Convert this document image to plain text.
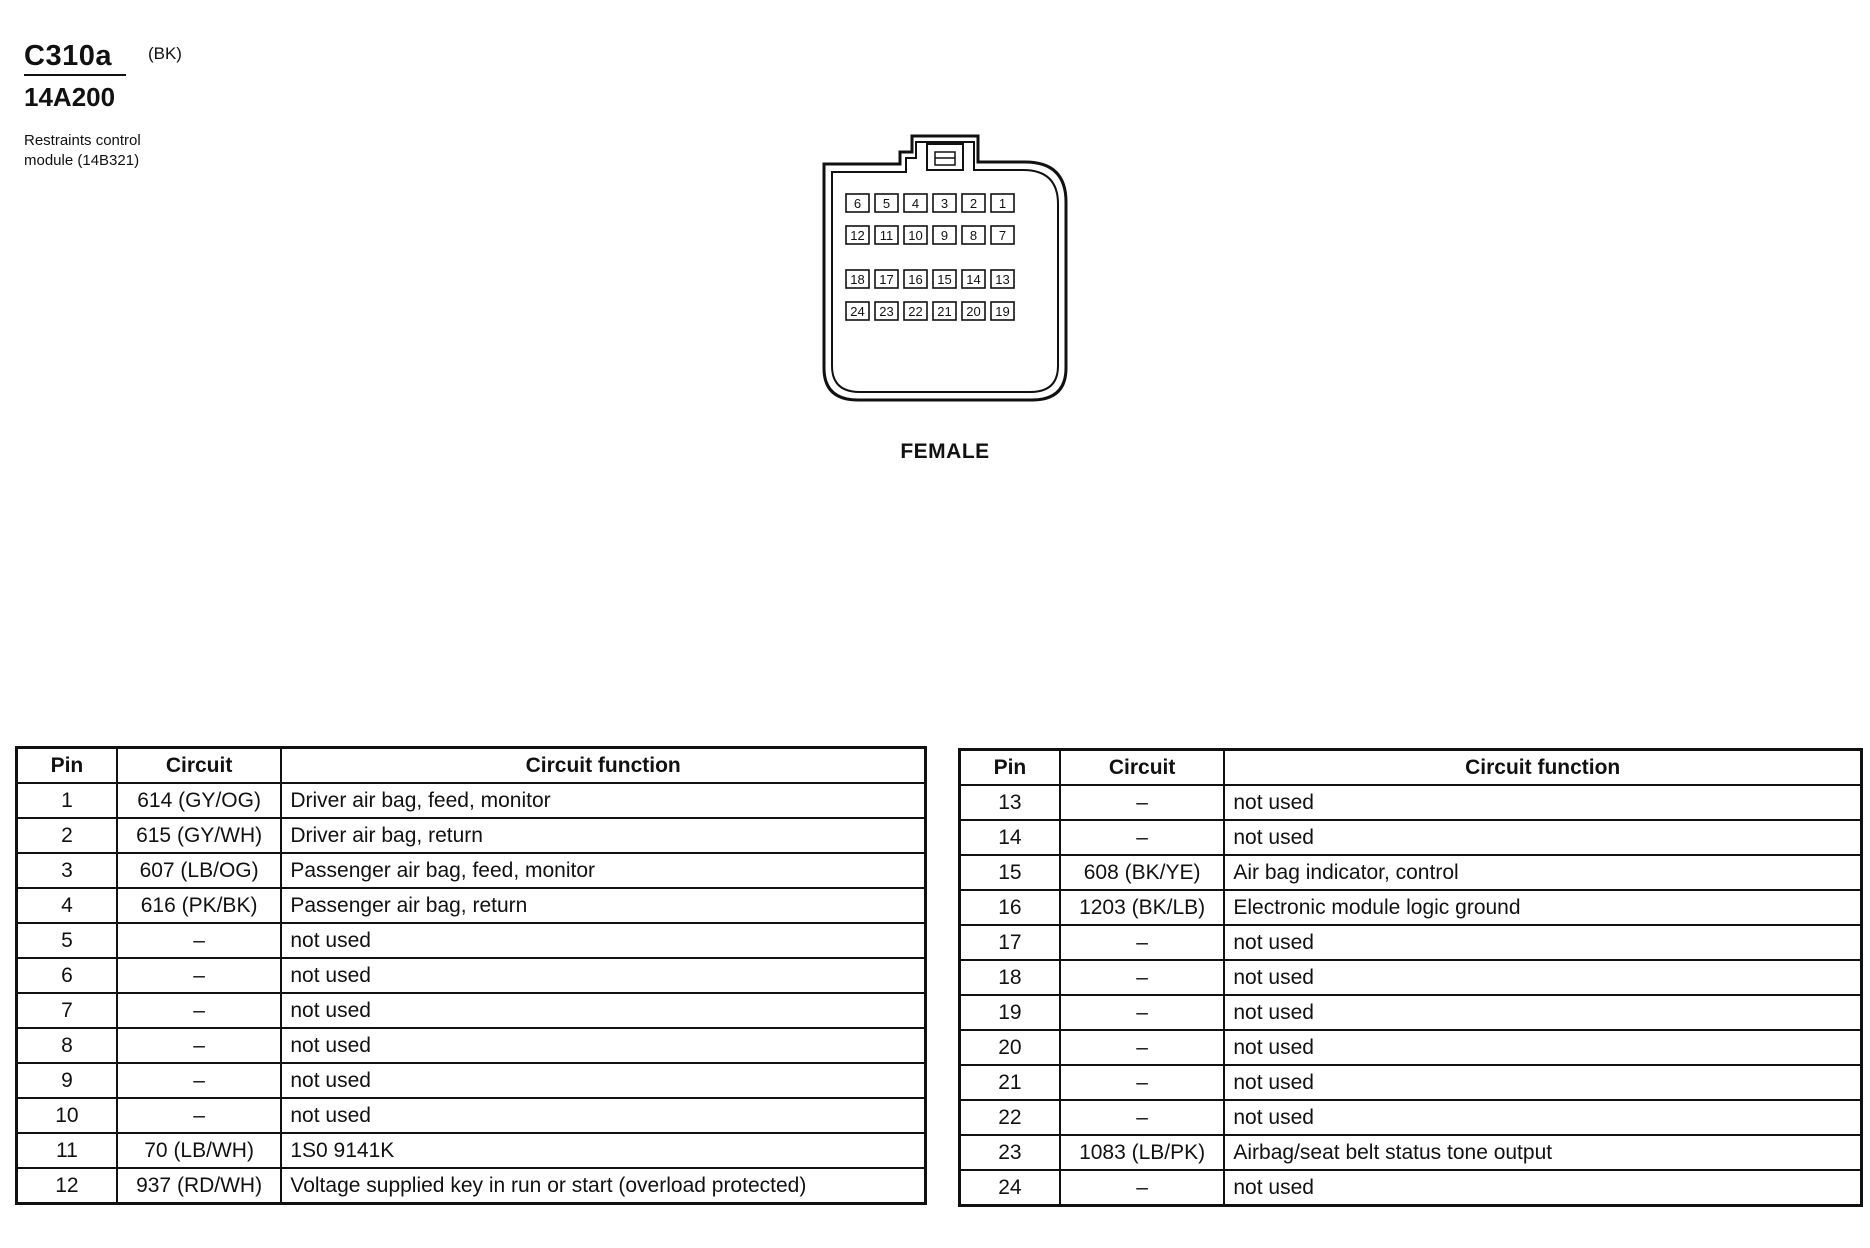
C310a	(BK)
14A200
Restraints control
module (14B321)
6 5 4 3 2 1
12 11 10 9 8 7
18 17 16 15 14 13
24 23 22 21 20 19
FEMALE
Pin	Circuit	Circuit function
1	614 (GY/OG)	Driver air bag, feed, monitor
2	615 (GY/WH)	Driver air bag, return
3	607 (LB/OG)	Passenger air bag, feed, monitor
4	616 (PK/BK)	Passenger air bag, return
5	–	not used
6	–	not used
7	–	not used
8	–	not used
9	–	not used
10	–	not used
11	70 (LB/WH)	1S0 9141K
12	937 (RD/WH)	Voltage supplied key in run or start (overload protected)
Pin	Circuit	Circuit function
13	–	not used
14	–	not used
15	608 (BK/YE)	Air bag indicator, control
16	1203 (BK/LB)	Electronic module logic ground
17	–	not used
18	–	not used
19	–	not used
20	–	not used
21	–	not used
22	–	not used
23	1083 (LB/PK)	Airbag/seat belt status tone output
24	–	not used
